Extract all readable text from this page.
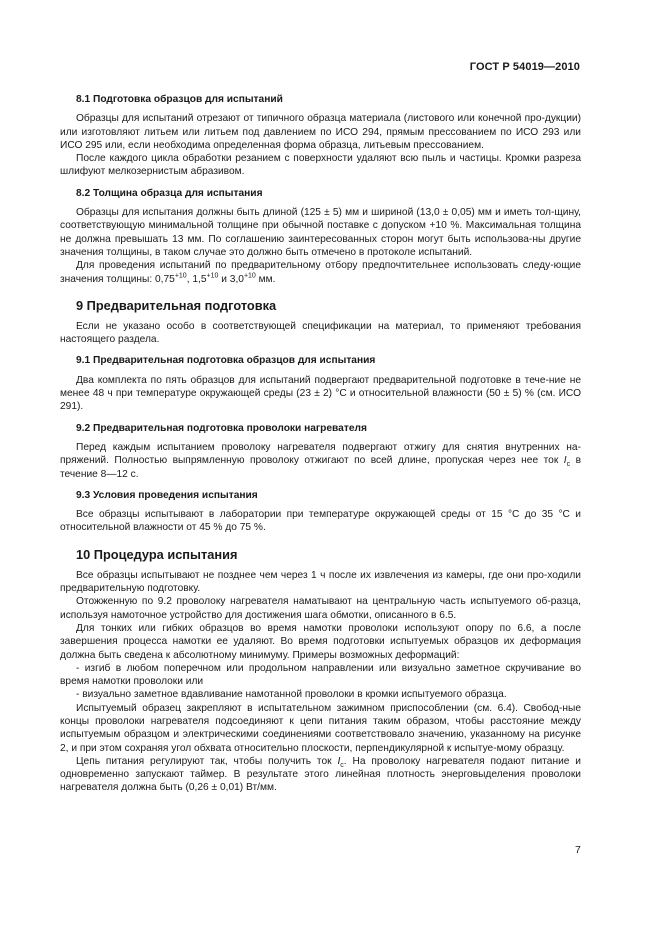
ГОСТ Р 54019—2010

8.1 Подготовка образцов для испытаний

Образцы для испытаний отрезают от типичного образца материала (листового или конечной про-дукции) или изготовляют литьем или литьем под давлением по ИСО 294, прямым прессованием по ИСО 293 или ИСО 295 или, если необходима определенная форма образца, литьевым прессованием.

После каждого цикла обработки резанием с поверхности удаляют всю пыль и частицы. Кромки разреза шлифуют мелкозернистым абразивом.

8.2 Толщина образца для испытания

Образцы для испытания должны быть длиной (125 ± 5) мм и шириной (13,0 ± 0,05) мм и иметь тол-щину, соответствующую минимальной толщине при обычной поставке с допуском +10 %. Максимальная толщина не должна превышать 13 мм. По соглашению заинтересованных сторон могут быть использова-ны другие значения толщины, в таком случае это должно быть отмечено в протоколе испытаний.

Для проведения испытаний по предварительному отбору предпочтительнее использовать следу-ющие значения толщины: $0,75^{+10}$, $1,5^{+10}$ и $3,0^{+10}$ мм.

9 Предварительная подготовка

Если не указано особо в соответствующей спецификации на материал, то применяют требования настоящего раздела.

9.1 Предварительная подготовка образцов для испытания

Два комплекта по пять образцов для испытаний подвергают предварительной подготовке в тече-ние не менее 48 ч при температуре окружающей среды (23 ± 2) °С и относительной влажности (50 ± 5) % (см. ИСО 291).

9.2 Предварительная подготовка проволоки нагревателя

Перед каждым испытанием проволоку нагревателя подвергают отжигу для снятия внутренних на-пряжений. Полностью выпрямленную проволоку отжигают по всей длине, пропуская через нее ток $I_c$ в течение 8—12 с.

9.3 Условия проведения испытания

Все образцы испытывают в лаборатории при температуре окружающей среды от 15 °С до 35 °С и относительной влажности от 45 % до 75 %.

10 Процедура испытания

Все образцы испытывают не позднее чем через 1 ч после их извлечения из камеры, где они про-ходили предварительную подготовку.

Отожженную по 9.2 проволоку нагревателя наматывают на центральную часть испытуемого об-разца, используя намоточное устройство для достижения шага обмотки, описанного в 6.5.

Для тонких или гибких образцов во время намотки проволоки используют опору по 6.6, а после завершения процесса намотки ее удаляют. Во время подготовки испытуемых образцов их деформация должна быть сведена к абсолютному минимуму. Примеры возможных деформаций:

- изгиб в любом поперечном или продольном направлении или визуально заметное скручивание во время намотки проволоки или

- визуально заметное вдавливание намотанной проволоки в кромки испытуемого образца.

Испытуемый образец закрепляют в испытательном зажимном приспособлении (см. 6.4). Свобод-ные концы проволоки нагревателя подсоединяют к цепи питания таким образом, чтобы расстояние между испытуемым образцом и электрическими соединениями соответствовало значению, указанному на рисунке 2, и при этом сохраняя угол обхвата относительно плоскости, перпендикулярной к испытуе-мому образцу.

Цепь питания регулируют так, чтобы получить ток $I_c$. На проволоку нагревателя подают питание и одновременно запускают таймер. В результате этого линейная плотность энерговыделения проволоки нагревателя должна быть (0,26 ± 0,01) Вт/мм.

7
